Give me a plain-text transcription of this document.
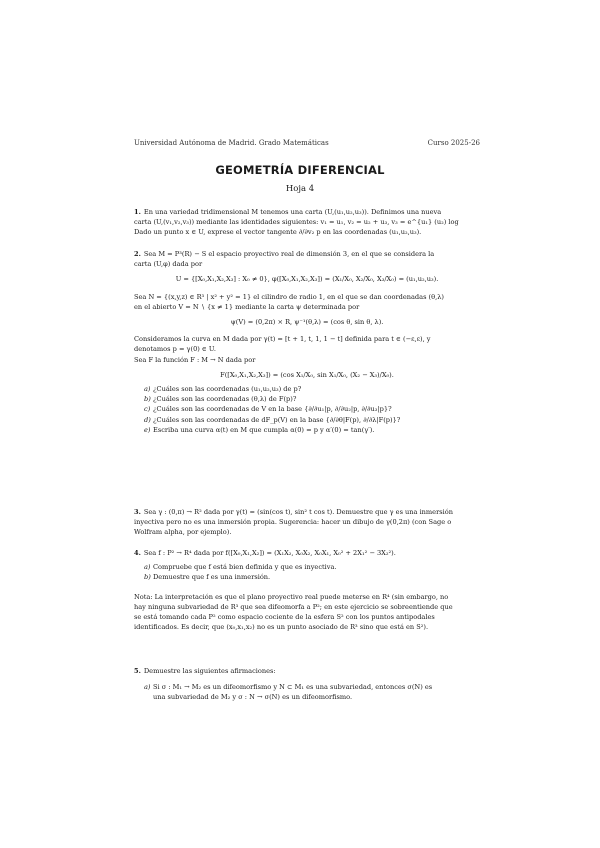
Universidad Autónoma de Madrid. Grado Matemáticas	Curso 2025-26
GEOMETRÍA DIFERENCIAL
Hoja 4
1. En una variedad tridimensional M tenemos una carta (U,(u₁,u₂,u₃)). Definimos una nueva
carta (U,(v₁,v₂,v₃)) mediante las identidades siguientes: v₁ = u₁, v₂ = u₂ + u₃, v₃ = e^{u₁} (u₂) log
Dado un punto x ∈ U, exprese el vector tangente ∂/∂v₂ p en las coordenadas (u₁,u₂,u₃).
2. Sea M = P³(R) − S el espacio proyectivo real de dimensión 3, en el que se considera la
carta (U,φ) dada por
U = {[X₀,X₁,X₂,X₃] : X₀ ≠ 0}, φ([X₀,X₁,X₂,X₃]) = (X₁/X₀, X₂/X₀, X₃/X₀) = (u₁,u₂,u₃).
Sea N = {(x,y,z) ∈ R³ | x² + y² = 1} el cilindro de radio 1, en el que se dan coordenadas (θ,λ)
en el abierto V = N ∖ {x ≠ 1} mediante la carta ψ determinada por
ψ(V) = (0,2π) × R, ψ⁻¹(θ,λ) = (cos θ, sin θ, λ).
Consideramos la curva en M dada por γ(t) = [t + 1, t, 1, 1 − t] definida para t ∈ (−ε,ε), y
denotamos p = γ(0) ∈ U.
Sea F la función F : M → N dada por
F([X₀,X₁,X₂,X₃]) = (cos X₁/X₀, sin X₁/X₀, (X₂ − X₃)/X₀).
a) ¿Cuáles son las coordenadas (u₁,u₂,u₃) de p?
b) ¿Cuáles son las coordenadas (θ,λ) de F(p)?
c) ¿Cuáles son las coordenadas de V en la base {∂/∂u₁|p, ∂/∂u₂|p, ∂/∂u₃|p}?
d) ¿Cuáles son las coordenadas de dF_p(V) en la base {∂/∂θ|F(p), ∂/∂λ|F(p)}?
e) Escriba una curva α(t) en M que cumpla α(0) = p y α′(0) = tan(γ′).
3. Sea γ : (0,π) → R² dada por γ(t) = (sin(cos t), sin² t cos t). Demuestre que γ es una inmersión
inyectiva pero no es una inmersión propia. Sugerencia: hacer un dibujo de γ(0,2π) (con Sage o
Wolfram alpha, por ejemplo).
4. Sea f : P² → R⁴ dada por f([X₀,X₁,X₂]) = (X₁X₂, X₀X₂, X₀X₁, X₀² + 2X₁² − 3X₂²).
a) Compruebe que f está bien definida y que es inyectiva.
b) Demuestre que f es una inmersión.
Nota: La interpretación es que el plano proyectivo real puede meterse en R⁴ (sin embargo, no
hay ninguna subvariedad de R³ que sea difeomorfa a P²; en este ejercicio se sobreentiende que
se está tomando cada P² como espacio cociente de la esfera S² con los puntos antipodales
identificados. Es decir, que (x₀,x₁,x₂) no es un punto asociado de R³ sino que está en S²).
5. Demuestre las siguientes afirmaciones:
a) Si σ : M₁ → M₂ es un difeomorfismo y N ⊂ M₁ es una subvariedad, entonces σ(N) es
una subvariedad de M₂ y σ : N → σ(N) es un difeomorfismo.
